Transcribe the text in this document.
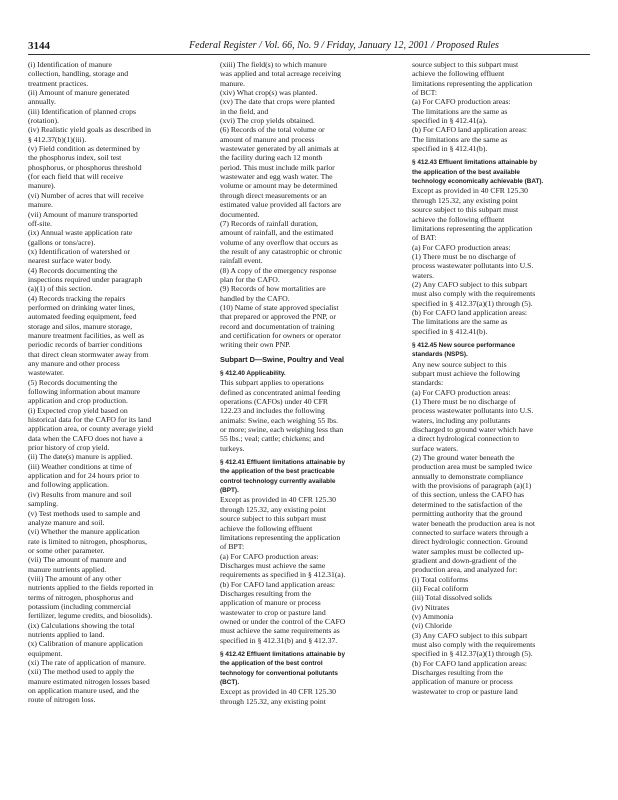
3144	Federal Register / Vol. 66, No. 9 / Friday, January 12, 2001 / Proposed Rules
(i) Identification of manure
collection, handling, storage and
treatment practices.
(ii) Amount of manure generated
annually.
(iii) Identification of planned crops
(rotation).
(iv) Realistic yield goals as described in
§ 412.37(b)(1)(iii).
(v) Field condition as determined by
the phosphorus index, soil test
phosphorus, or phosphorus threshold
(for each field that will receive
manure).
(vi) Number of acres that will receive
manure.
(vii) Amount of manure transported
off-site.
(ix) Annual waste application rate
(gallons or tons/acre).
(x) Identification of watershed or
nearest surface water body.
(4) Records documenting the
inspections required under paragraph
(a)(1) of this section.
(4) Records tracking the repairs
performed on drinking water lines,
automated feeding equipment, feed
storage and silos, manure storage,
manure treatment facilities, as well as
periodic records of barrier conditions
that direct clean stormwater away from
any manure and other process
wastewater.
(5) Records documenting the
following information about manure
application and crop production.
(i) Expected crop yield based on
historical data for the CAFO for its land
application area, or county average yield
data when the CAFO does not have a
prior history of crop yield.
(ii) The date(s) manure is applied.
(iii) Weather conditions at time of
application and for 24 hours prior to
and following application.
(iv) Results from manure and soil
sampling.
(v) Test methods used to sample and
analyze manure and soil.
(vi) Whether the manure application
rate is limited to nitrogen, phosphorus,
or some other parameter.
(vii) The amount of manure and
manure nutrients applied.
(viii) The amount of any other
nutrients applied to the fields reported in
terms of nitrogen, phosphorus and
potassium (including commercial
fertilizer, legume credits, and biosolids).
(ix) Calculations showing the total
nutrients applied to land.
(x) Calibration of manure application
equipment.
(xi) The rate of application of manure.
(xii) The method used to apply the
manure estimated nitrogen losses based
on application manure used, and the
route of nitrogen loss.
(xiii) The field(s) to which manure
was applied and total acreage receiving
manure.
(xiv) What crop(s) was planted.
(xv) The date that crops were planted
in the field, and
(xvi) The crop yields obtained.
(6) Records of the total volume or
amount of manure and process
wastewater generated by all animals at
the facility during each 12 month
period. This must include milk parlor
wastewater and egg wash water. The
volume or amount may be determined
through direct measurements or an
estimated value provided all factors are
documented.
(7) Records of rainfall duration,
amount of rainfall, and the estimated
volume of any overflow that occurs as
the result of any catastrophic or chronic
rainfall event.
(8) A copy of the emergency response
plan for the CAFO.
(9) Records of how mortalities are
handled by the CAFO.
(10) Name of state approved specialist
that prepared or approved the PNP, or
record and documentation of training
and certification for owners or operator
writing their own PNP.
Subpart D—Swine, Poultry and Veal
§ 412.40 Applicability.
This subpart applies to operations
defined as concentrated animal feeding
operations (CAFOs) under 40 CFR
122.23 and includes the following
animals: Swine, each weighing 55 lbs.
or more; swine, each weighing less than
55 lbs.; veal; cattle; chickens; and
turkeys.
§ 412.41 Effluent limitations attainable by
the application of the best practicable
control technology currently available
(BPT).
Except as provided in 40 CFR 125.30
through 125.32, any existing point
source subject to this subpart must
achieve the following effluent
limitations representing the application
of BPT:
(a) For CAFO production areas:
Discharges must achieve the same
requirements as specified in § 412.31(a).
(b) For CAFO land application areas:
Discharges resulting from the
application of manure or process
wastewater to crop or pasture land
owned or under the control of the CAFO
must achieve the same requirements as
specified in § 412.31(b) and § 412.37.
§ 412.42 Effluent limitations attainable by
the application of the best control
technology for conventional pollutants
(BCT).
Except as provided in 40 CFR 125.30
through 125.32, any existing point
source subject to this subpart must
achieve the following effluent
limitations representing the application
of BCT:
(a) For CAFO production areas:
The limitations are the same as
specified in § 412.41(a).
(b) For CAFO land application areas:
The limitations are the same as
specified in § 412.41(b).
§ 412.43 Effluent limitations attainable by
the application of the best available
technology economically achievable (BAT).
Except as provided in 40 CFR 125.30
through 125.32, any existing point
source subject to this subpart must
achieve the following effluent
limitations representing the application
of BAT:
(a) For CAFO production areas:
(1) There must be no discharge of
process wastewater pollutants into U.S.
waters.
(2) Any CAFO subject to this subpart
must also comply with the requirements
specified in § 412.37(a)(1) through (5).
(b) For CAFO land application areas:
The limitations are the same as
specified in § 412.41(b).
§ 412.45 New source performance
standards (NSPS).
Any new source subject to this
subpart must achieve the following
standards:
(a) For CAFO production areas:
(1) There must be no discharge of
process wastewater pollutants into U.S.
waters, including any pollutants
discharged to ground water which have
a direct hydrological connection to
surface waters.
(2) The ground water beneath the
production area must be sampled twice
annually to demonstrate compliance
with the provisions of paragraph (a)(1)
of this section, unless the CAFO has
determined to the satisfaction of the
permitting authority that the ground
water beneath the production area is not
connected to surface waters through a
direct hydrologic connection. Ground
water samples must be collected up-
gradient and down-gradient of the
production area, and analyzed for:
(i) Total coliforms
(ii) Fecal coliform
(iii) Total dissolved solids
(iv) Nitrates
(v) Ammonia
(vi) Chloride
(3) Any CAFO subject to this subpart
must also comply with the requirements
specified in § 412.37(a)(1) through (5).
(b) For CAFO land application areas:
Discharges resulting from the
application of manure or process
wastewater to crop or pasture land
